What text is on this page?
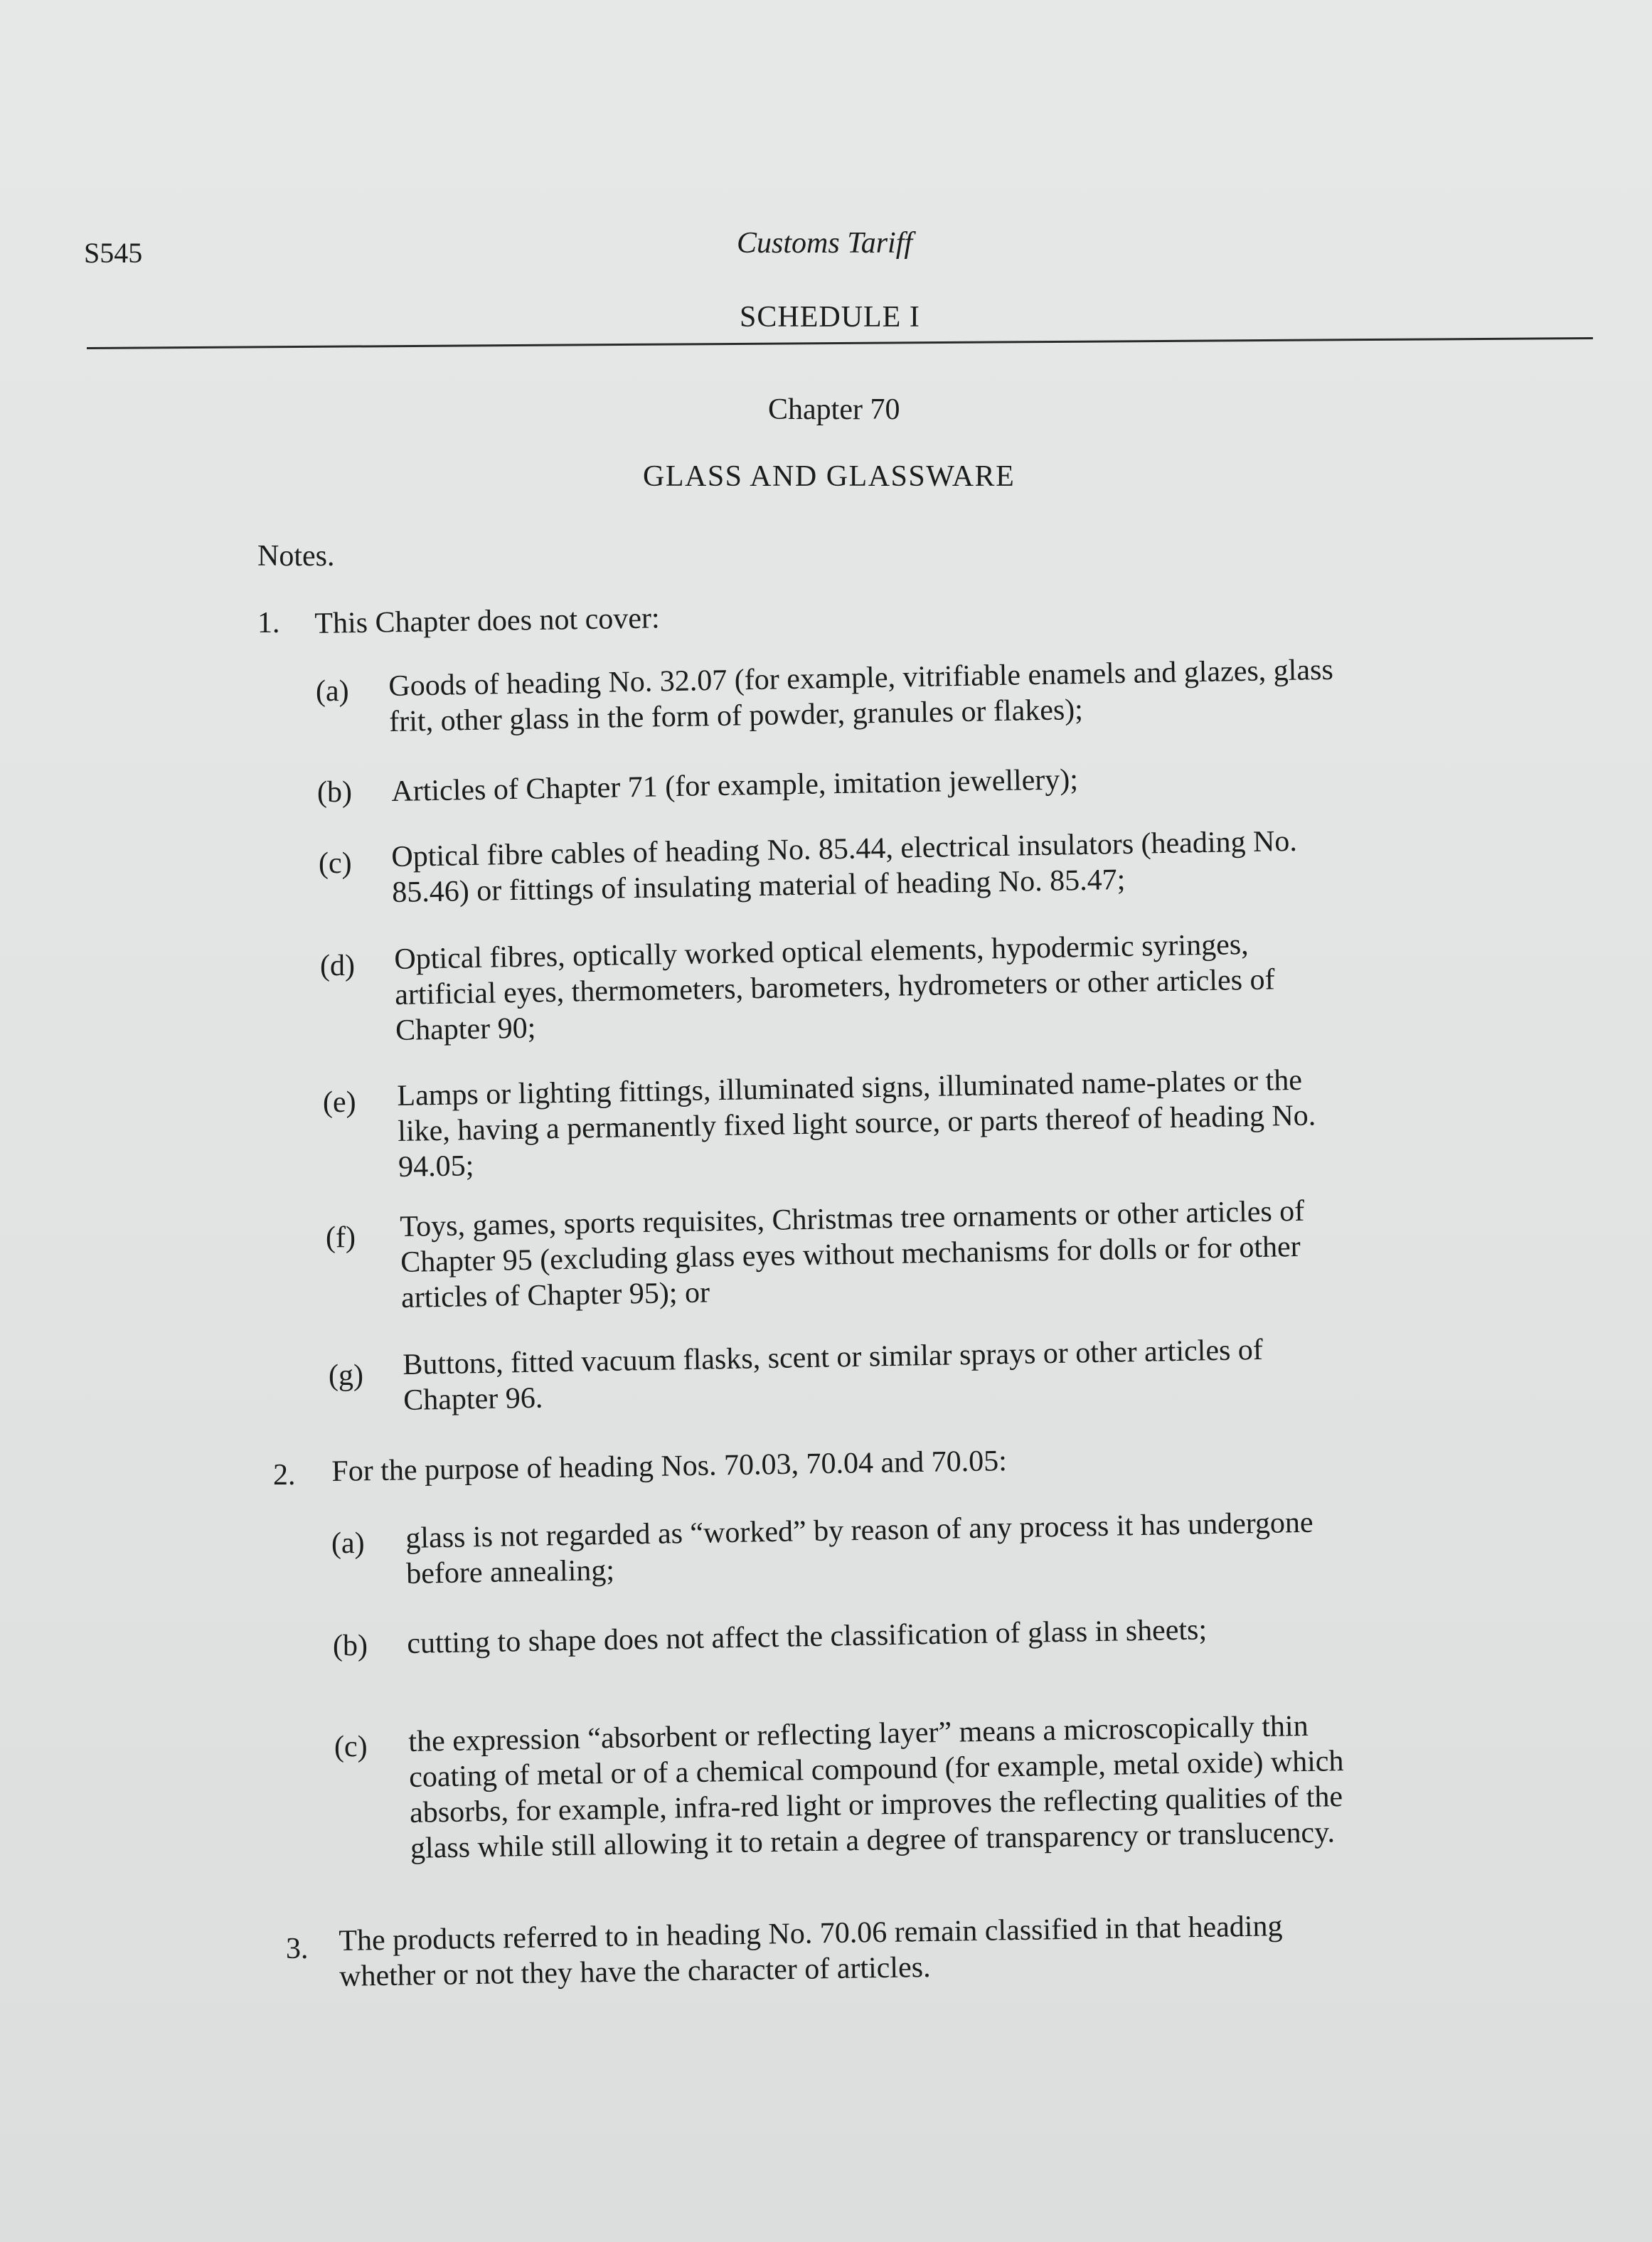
S545	Customs Tariff
SCHEDULE I
Chapter 70
GLASS AND GLASSWARE
Notes.
1. This Chapter does not cover:
(a) Goods of heading No. 32.07 (for example, vitrifiable enamels and glazes, glass
frit, other glass in the form of powder, granules or flakes);
(b) Articles of Chapter 71 (for example, imitation jewellery);
(c) Optical fibre cables of heading No. 85.44, electrical insulators (heading No.
85.46) or fittings of insulating material of heading No. 85.47;
(d) Optical fibres, optically worked optical elements, hypodermic syringes,
artificial eyes, thermometers, barometers, hydrometers or other articles of
Chapter 90;
(e) Lamps or lighting fittings, illuminated signs, illuminated name-plates or the
like, having a permanently fixed light source, or parts thereof of heading No.
94.05;
(f) Toys, games, sports requisites, Christmas tree ornaments or other articles of
Chapter 95 (excluding glass eyes without mechanisms for dolls or for other
articles of Chapter 95); or
(g) Buttons, fitted vacuum flasks, scent or similar sprays or other articles of
Chapter 96.
2. For the purpose of heading Nos. 70.03, 70.04 and 70.05:
(a) glass is not regarded as “worked” by reason of any process it has undergone
before annealing;
(b) cutting to shape does not affect the classification of glass in sheets;
(c) the expression “absorbent or reflecting layer” means a microscopically thin
coating of metal or of a chemical compound (for example, metal oxide) which
absorbs, for example, infra-red light or improves the reflecting qualities of the
glass while still allowing it to retain a degree of transparency or translucency.
3. The products referred to in heading No. 70.06 remain classified in that heading
whether or not they have the character of articles.
